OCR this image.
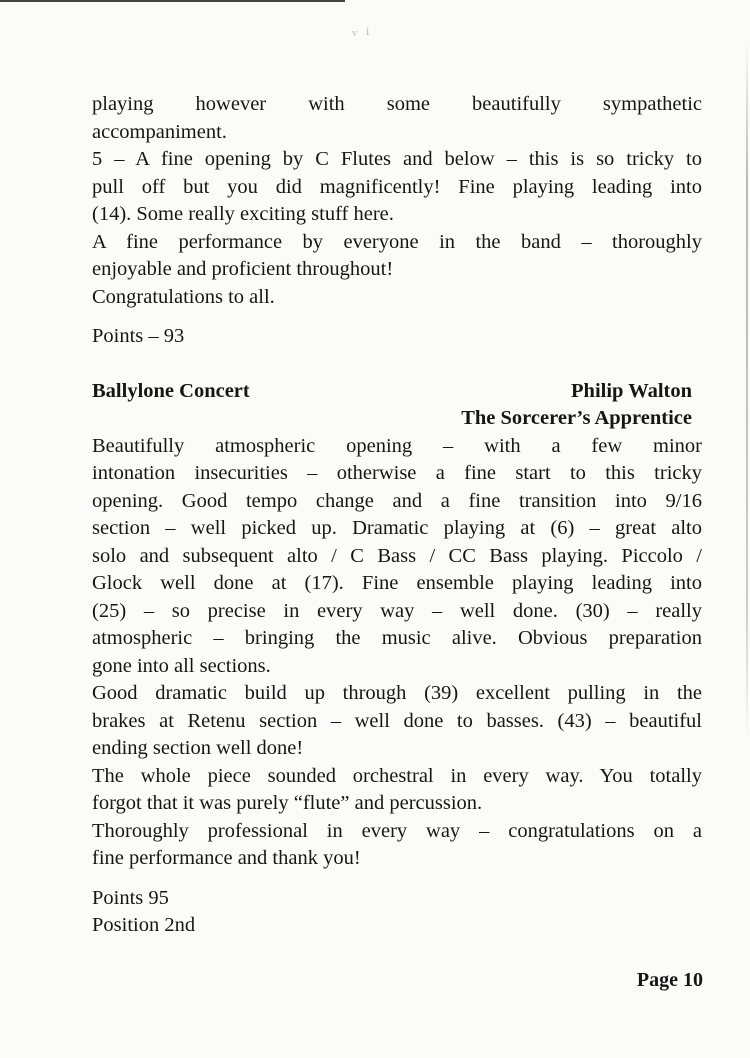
ᵛ ⁱ

playing however with some beautifully sympathetic

accompaniment.

5 – A fine opening by C Flutes and below – this is so tricky to

pull off but you did magnificently! Fine playing leading into

(14). Some really exciting stuff here.

A fine performance by everyone in the band – thoroughly

enjoyable and proficient throughout!

Congratulations to all.

Points – 93

Ballylone Concert	Philip Walton
The Sorcerer’s Apprentice

Beautifully atmospheric opening – with a few minor

intonation insecurities – otherwise a fine start to this tricky

opening. Good tempo change and a fine transition into 9/16

section – well picked up. Dramatic playing at (6) – great alto

solo and subsequent alto / C Bass / CC Bass playing. Piccolo /

Glock well done at (17). Fine ensemble playing leading into

(25) – so precise in every way – well done. (30) – really

atmospheric – bringing the music alive. Obvious preparation

gone into all sections.

Good dramatic build up through (39) excellent pulling in the

brakes at Retenu section – well done to basses. (43) – beautiful

ending section well done!

The whole piece sounded orchestral in every way. You totally

forgot that it was purely “flute” and percussion.

Thoroughly professional in every way – congratulations on a

fine performance and thank you!

Points 95

Position 2nd

Page 10
